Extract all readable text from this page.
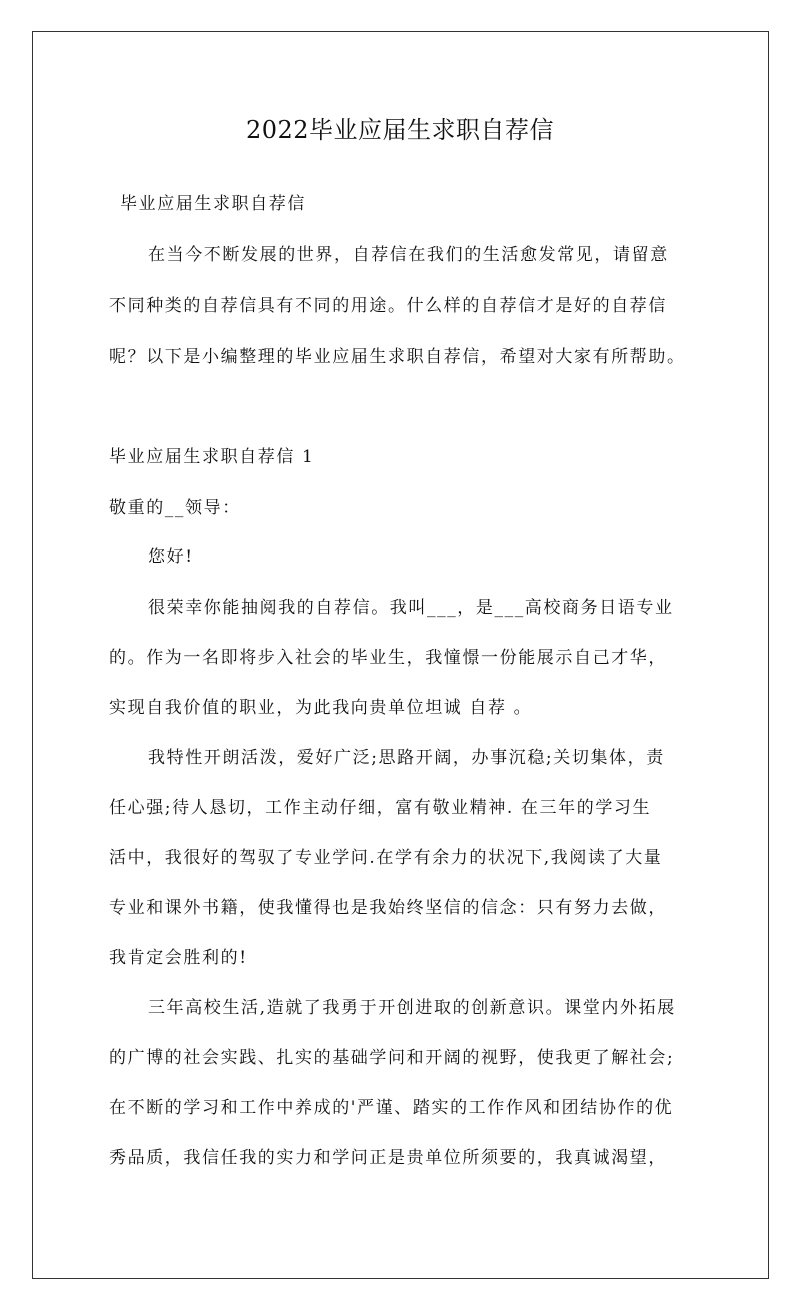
2022毕业应届生求职自荐信

毕业应届生求职自荐信

在当今不断发展的世界，自荐信在我们的生活愈发常见，请留意

不同种类的自荐信具有不同的用途。什么样的自荐信才是好的自荐信

呢？以下是小编整理的毕业应届生求职自荐信，希望对大家有所帮助。

毕业应届生求职自荐信 1

敬重的__领导：

您好!

很荣幸你能抽阅我的自荐信。我叫___，是___高校商务日语专业

的。作为一名即将步入社会的毕业生，我憧憬一份能展示自己才华，

实现自我价值的职业，为此我向贵单位坦诚 自荐 。

我特性开朗活泼，爱好广泛;思路开阔，办事沉稳;关切集体，责

任心强;待人恳切，工作主动仔细，富有敬业精神. 在三年的学习生

活中，我很好的驾驭了专业学问.在学有余力的状况下,我阅读了大量

专业和课外书籍，使我懂得也是我始终坚信的信念：只有努力去做，

我肯定会胜利的!

三年高校生活,造就了我勇于开创进取的创新意识。课堂内外拓展

的广博的社会实践、扎实的基础学问和开阔的视野，使我更了解社会;

在不断的学习和工作中养成的'严谨、踏实的工作作风和团结协作的优

秀品质，我信任我的实力和学问正是贵单位所须要的，我真诚渴望，
